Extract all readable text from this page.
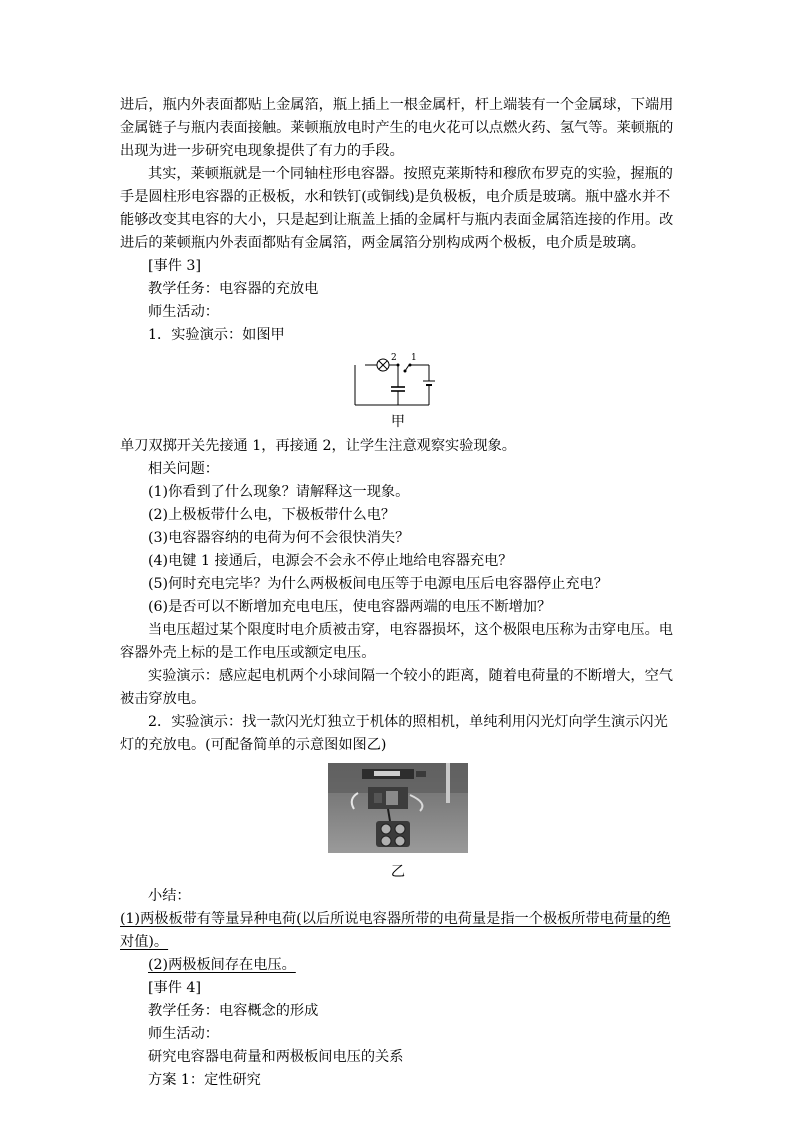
进后，瓶内外表面都贴上金属箔，瓶上插上一根金属杆，杆上端装有一个金属球，下端用金属链子与瓶内表面接触。莱顿瓶放电时产生的电火花可以点燃火药、氢气等。莱顿瓶的出现为进一步研究电现象提供了有力的手段。

其实，莱顿瓶就是一个同轴柱形电容器。按照克莱斯特和穆欣布罗克的实验，握瓶的手是圆柱形电容器的正极板，水和铁钉(或铜线)是负极板，电介质是玻璃。瓶中盛水并不能够改变其电容的大小，只是起到让瓶盖上插的金属杆与瓶内表面金属箔连接的作用。改进后的莱顿瓶内外表面都贴有金属箔，两金属箔分别构成两个极板，电介质是玻璃。

[事件 3]

教学任务：电容器的充放电

师生活动：

1．实验演示：如图甲

2 1
甲

单刀双掷开关先接通 1，再接通 2，让学生注意观察实验现象。

相关问题：

(1)你看到了什么现象？请解释这一现象。

(2)上极板带什么电，下极板带什么电？

(3)电容器容纳的电荷为何不会很快消失？

(4)电键 1 接通后，电源会不会永不停止地给电容器充电？

(5)何时充电完毕？为什么两极板间电压等于电源电压后电容器停止充电？

(6)是否可以不断增加充电电压，使电容器两端的电压不断增加？

当电压超过某个限度时电介质被击穿，电容器损坏，这个极限电压称为击穿电压。电容器外壳上标的是工作电压或额定电压。

实验演示：感应起电机两个小球间隔一个较小的距离，随着电荷量的不断增大，空气被击穿放电。

2．实验演示：找一款闪光灯独立于机体的照相机，单纯利用闪光灯向学生演示闪光灯的充放电。(可配备简单的示意图如图乙)

乙

小结：

(1)两极板带有等量异种电荷(以后所说电容器所带的电荷量是指一个极板所带电荷量的绝对值)。

(2)两极板间存在电压。

[事件 4]

教学任务：电容概念的形成

师生活动：

研究电容器电荷量和两极板间电压的关系

方案 1：定性研究
